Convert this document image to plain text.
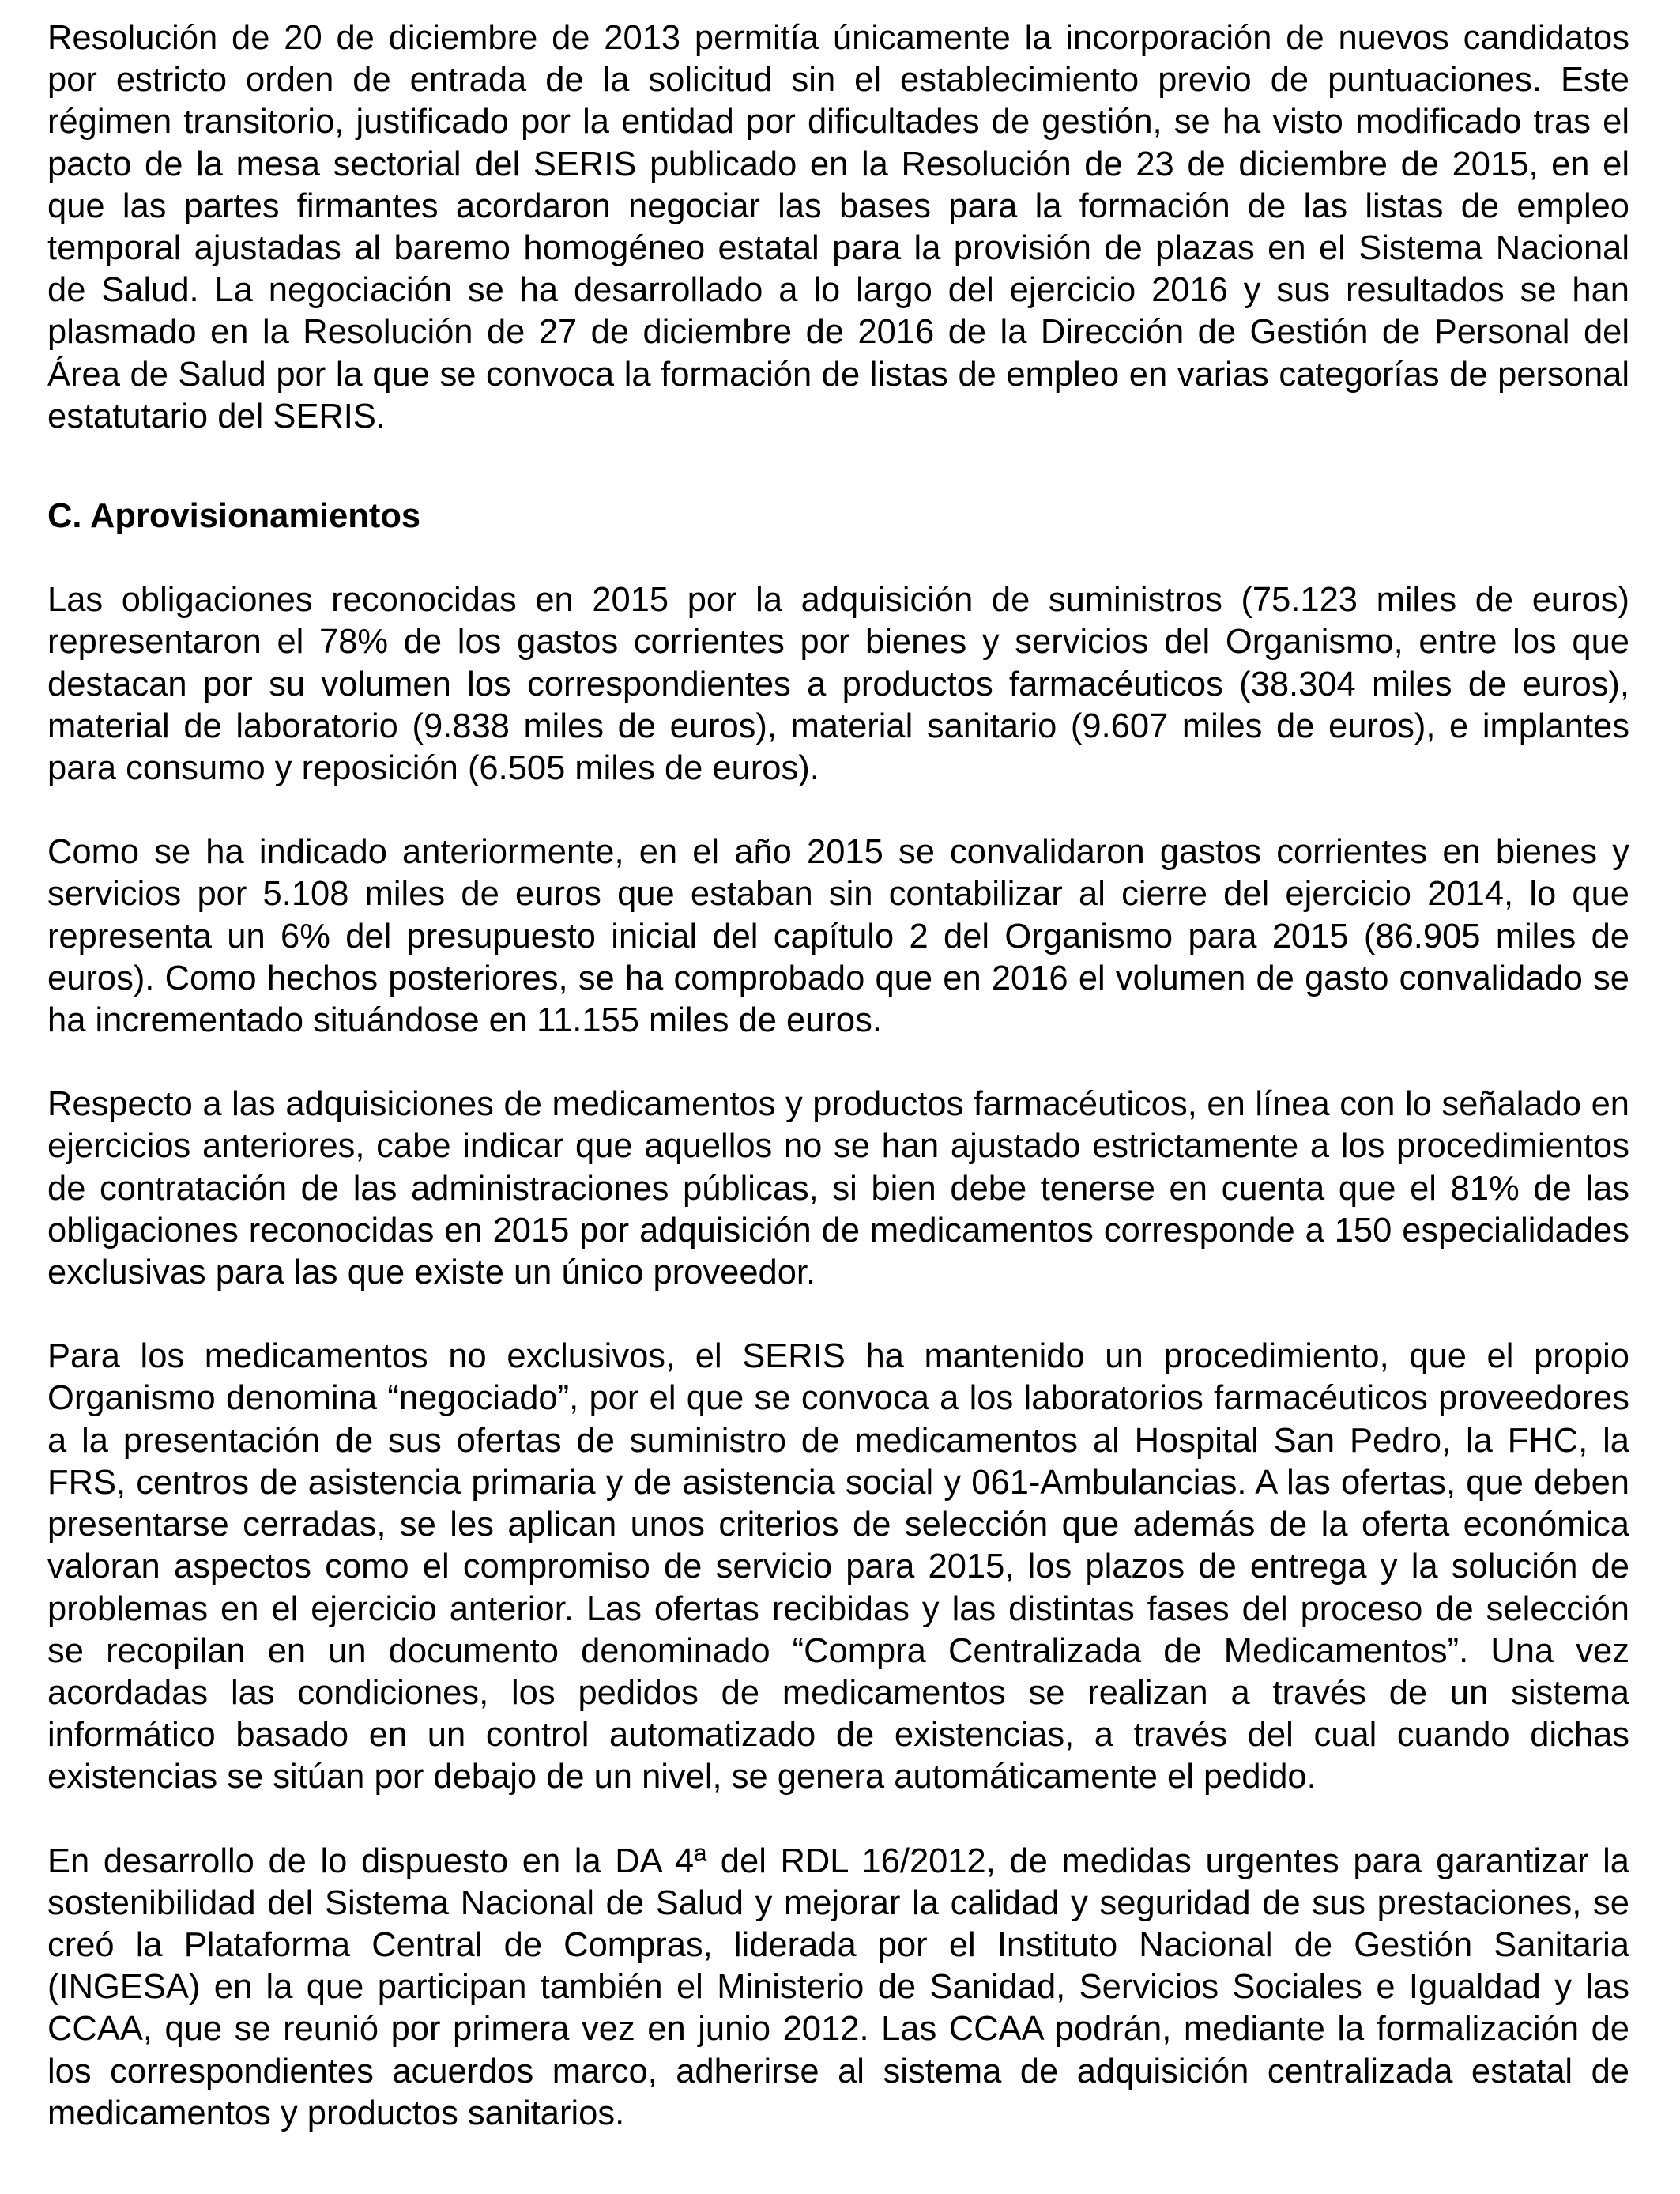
Resolución de 20 de diciembre de 2013 permitía únicamente la incorporación de nuevos candidatos por estricto orden de entrada de la solicitud sin el establecimiento previo de puntuaciones. Este régimen transitorio, justificado por la entidad por dificultades de gestión, se ha visto modificado tras el pacto de la mesa sectorial del SERIS publicado en la Resolución de 23 de diciembre de 2015, en el que las partes firmantes acordaron negociar las bases para la formación de las listas de empleo temporal ajustadas al baremo homogéneo estatal para la provisión de plazas en el Sistema Nacional de Salud. La negociación se ha desarrollado a lo largo del ejercicio 2016 y sus resultados se han plasmado en la Resolución de 27 de diciembre de 2016 de la Dirección de Gestión de Personal del Área de Salud por la que se convoca la formación de listas de empleo en varias categorías de personal estatutario del SERIS.

C. Aprovisionamientos

Las obligaciones reconocidas en 2015 por la adquisición de suministros (75.123 miles de euros) representaron el 78% de los gastos corrientes por bienes y servicios del Organismo, entre los que destacan por su volumen los correspondientes a productos farmacéuticos (38.304 miles de euros), material de laboratorio (9.838 miles de euros), material sanitario (9.607 miles de euros), e implantes para consumo y reposición (6.505 miles de euros).

Como se ha indicado anteriormente, en el año 2015 se convalidaron gastos corrientes en bienes y servicios por 5.108 miles de euros que estaban sin contabilizar al cierre del ejercicio 2014, lo que representa un 6% del presupuesto inicial del capítulo 2 del Organismo para 2015 (86.905 miles de euros). Como hechos posteriores, se ha comprobado que en 2016 el volumen de gasto convalidado se ha incrementado situándose en 11.155 miles de euros.

Respecto a las adquisiciones de medicamentos y productos farmacéuticos, en línea con lo señalado en ejercicios anteriores, cabe indicar que aquellos no se han ajustado estrictamente a los procedimientos de contratación de las administraciones públicas, si bien debe tenerse en cuenta que el 81% de las obligaciones reconocidas en 2015 por adquisición de medicamentos corresponde a 150 especialidades exclusivas para las que existe un único proveedor.

Para los medicamentos no exclusivos, el SERIS ha mantenido un procedimiento, que el propio Organismo denomina “negociado”, por el que se convoca a los laboratorios farmacéuticos proveedores a la presentación de sus ofertas de suministro de medicamentos al Hospital San Pedro, la FHC, la FRS, centros de asistencia primaria y de asistencia social y 061-Ambulancias. A las ofertas, que deben presentarse cerradas, se les aplican unos criterios de selección que además de la oferta económica valoran aspectos como el compromiso de servicio para 2015, los plazos de entrega y la solución de problemas en el ejercicio anterior. Las ofertas recibidas y las distintas fases del proceso de selección se recopilan en un documento denominado “Compra Centralizada de Medicamentos”. Una vez acordadas las condiciones, los pedidos de medicamentos se realizan a través de un sistema informático basado en un control automatizado de existencias, a través del cual cuando dichas existencias se sitúan por debajo de un nivel, se genera automáticamente el pedido.

En desarrollo de lo dispuesto en la DA 4ª del RDL 16/2012, de medidas urgentes para garantizar la sostenibilidad del Sistema Nacional de Salud y mejorar la calidad y seguridad de sus prestaciones, se creó la Plataforma Central de Compras, liderada por el Instituto Nacional de Gestión Sanitaria (INGESA) en la que participan también el Ministerio de Sanidad, Servicios Sociales e Igualdad y las CCAA, que se reunió por primera vez en junio 2012. Las CCAA podrán, mediante la formalización de los correspondientes acuerdos marco, adherirse al sistema de adquisición centralizada estatal de medicamentos y productos sanitarios.
